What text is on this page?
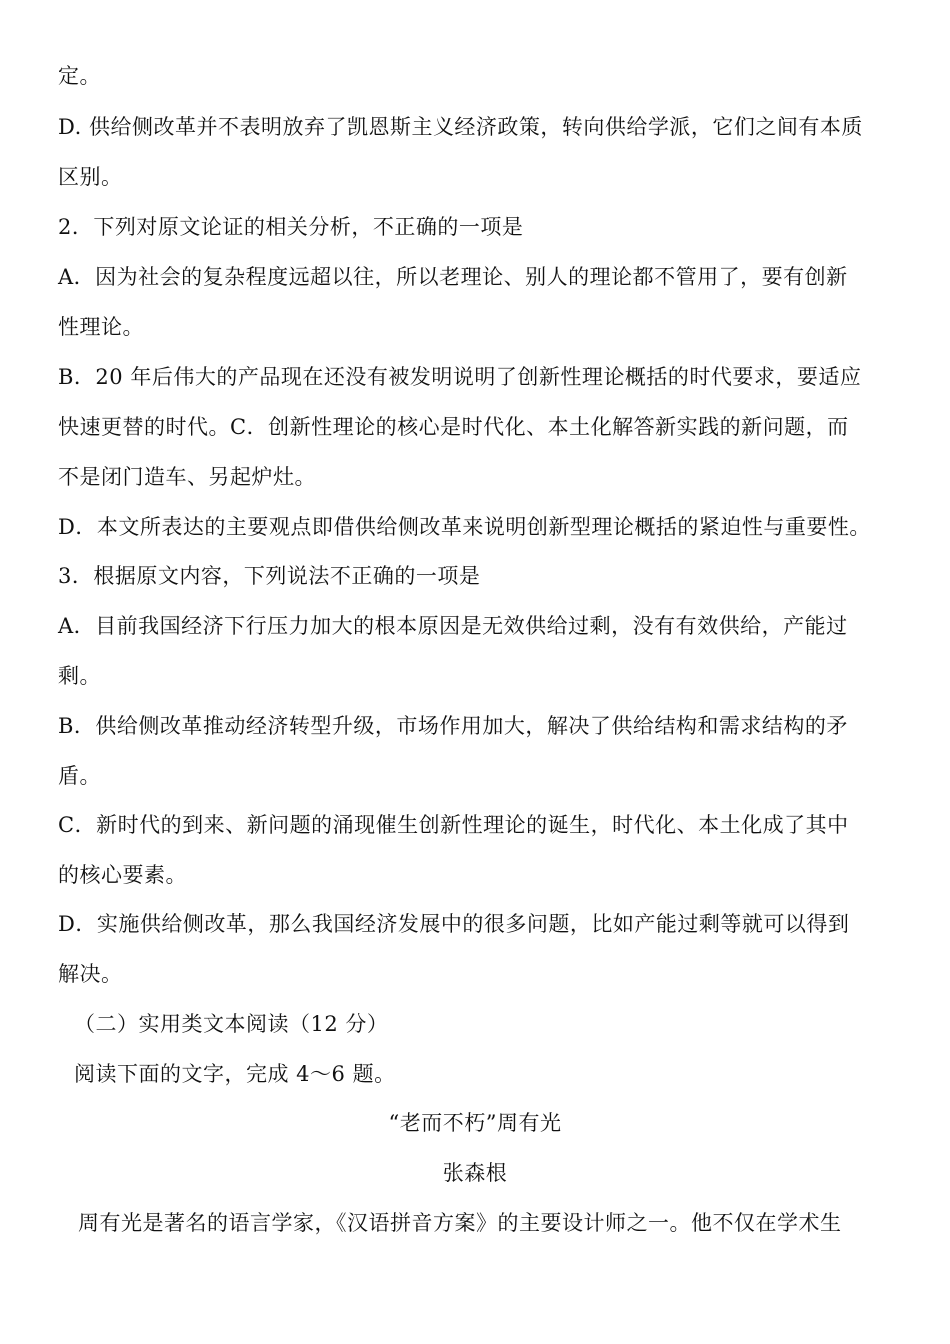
定。
D. 供给侧改革并不表明放弃了凯恩斯主义经济政策，转向供给学派，它们之间有本质
区别。
2．下列对原文论证的相关分析，不正确的一项是
A．因为社会的复杂程度远超以往，所以老理论、别人的理论都不管用了，要有创新
性理论。
B．20 年后伟大的产品现在还没有被发明说明了创新性理论概括的时代要求，要适应
快速更替的时代。C．创新性理论的核心是时代化、本土化解答新实践的新问题，而
不是闭门造车、另起炉灶。
D．本文所表达的主要观点即借供给侧改革来说明创新型理论概括的紧迫性与重要性。
3．根据原文内容，下列说法不正确的一项是
A．目前我国经济下行压力加大的根本原因是无效供给过剩，没有有效供给，产能过
剩。
B．供给侧改革推动经济转型升级，市场作用加大，解决了供给结构和需求结构的矛
盾。
C．新时代的到来、新问题的涌现催生创新性理论的诞生，时代化、本土化成了其中
的核心要素。
D．实施供给侧改革，那么我国经济发展中的很多问题，比如产能过剩等就可以得到
解决。
（二）实用类文本阅读（12 分）
阅读下面的文字，完成 4～6 题。
“老而不朽”周有光
张森根
周有光是著名的语言学家，《汉语拼音方案》的主要设计师之一。他不仅在学术生
